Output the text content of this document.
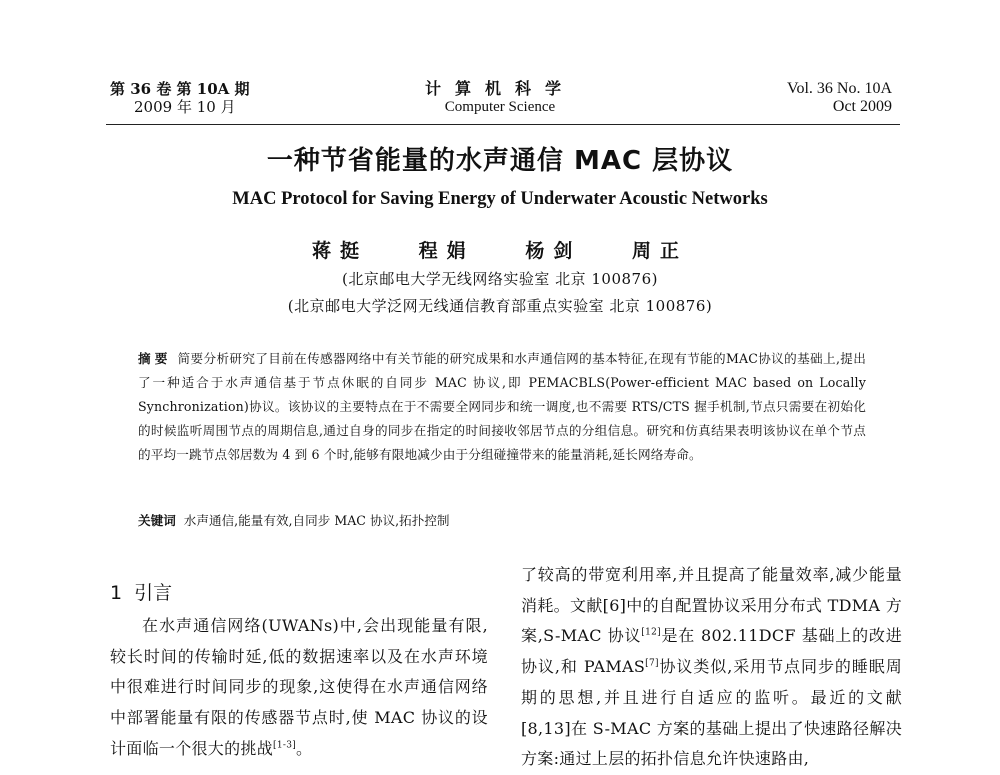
第 36 卷 第 10A 期
2009 年 10 月
计算机科学
Computer Science
Vol. 36 No. 10A
Oct 2009
一种节省能量的水声通信 MAC 层协议
MAC Protocol for Saving Energy of Underwater Acoustic Networks
蒋挺	程娟	杨剑	周正
(北京邮电大学无线网络实验室 北京 100876)
(北京邮电大学泛网无线通信教育部重点实验室 北京 100876)
摘要 简要分析研究了目前在传感器网络中有关节能的研究成果和水声通信网的基本特征,在现有节能的MAC协议的基础上,提出了一种适合于水声通信基于节点休眠的自同步 MAC 协议,即 PEMACBLS(Power-efficient MAC based on Locally Synchronization)协议。该协议的主要特点在于不需要全网同步和统一调度,也不需要 RTS/CTS 握手机制,节点只需要在初始化的时候监听周围节点的周期信息,通过自身的同步在指定的时间接收邻居节点的分组信息。研究和仿真结果表明该协议在单个节点的平均一跳节点邻居数为 4 到 6 个时,能够有限地减少由于分组碰撞带来的能量消耗,延长网络寿命。
关键词 水声通信,能量有效,自同步 MAC 协议,拓扑控制
1 引言
在水声通信网络(UWANs)中,会出现能量有限,较长时间的传输时延,低的数据速率以及在水声环境中很难进行时间同步的现象,这使得在水声通信网络中部署能量有限的传感器节点时,使 MAC 协议的设计面临一个很大的挑战[1-3]。
了较高的带宽利用率,并且提高了能量效率,减少能量消耗。文献[6]中的自配置协议采用分布式 TDMA 方案,S-MAC 协议[12]是在 802.11DCF 基础上的改进协议,和 PAMAS[7]协议类似,采用节点同步的睡眠周期的思想,并且进行自适应的监听。最近的文献[8,13]在 S-MAC 方案的基础上提出了快速路径解决方案:通过上层的拓扑信息允许快速路由,
